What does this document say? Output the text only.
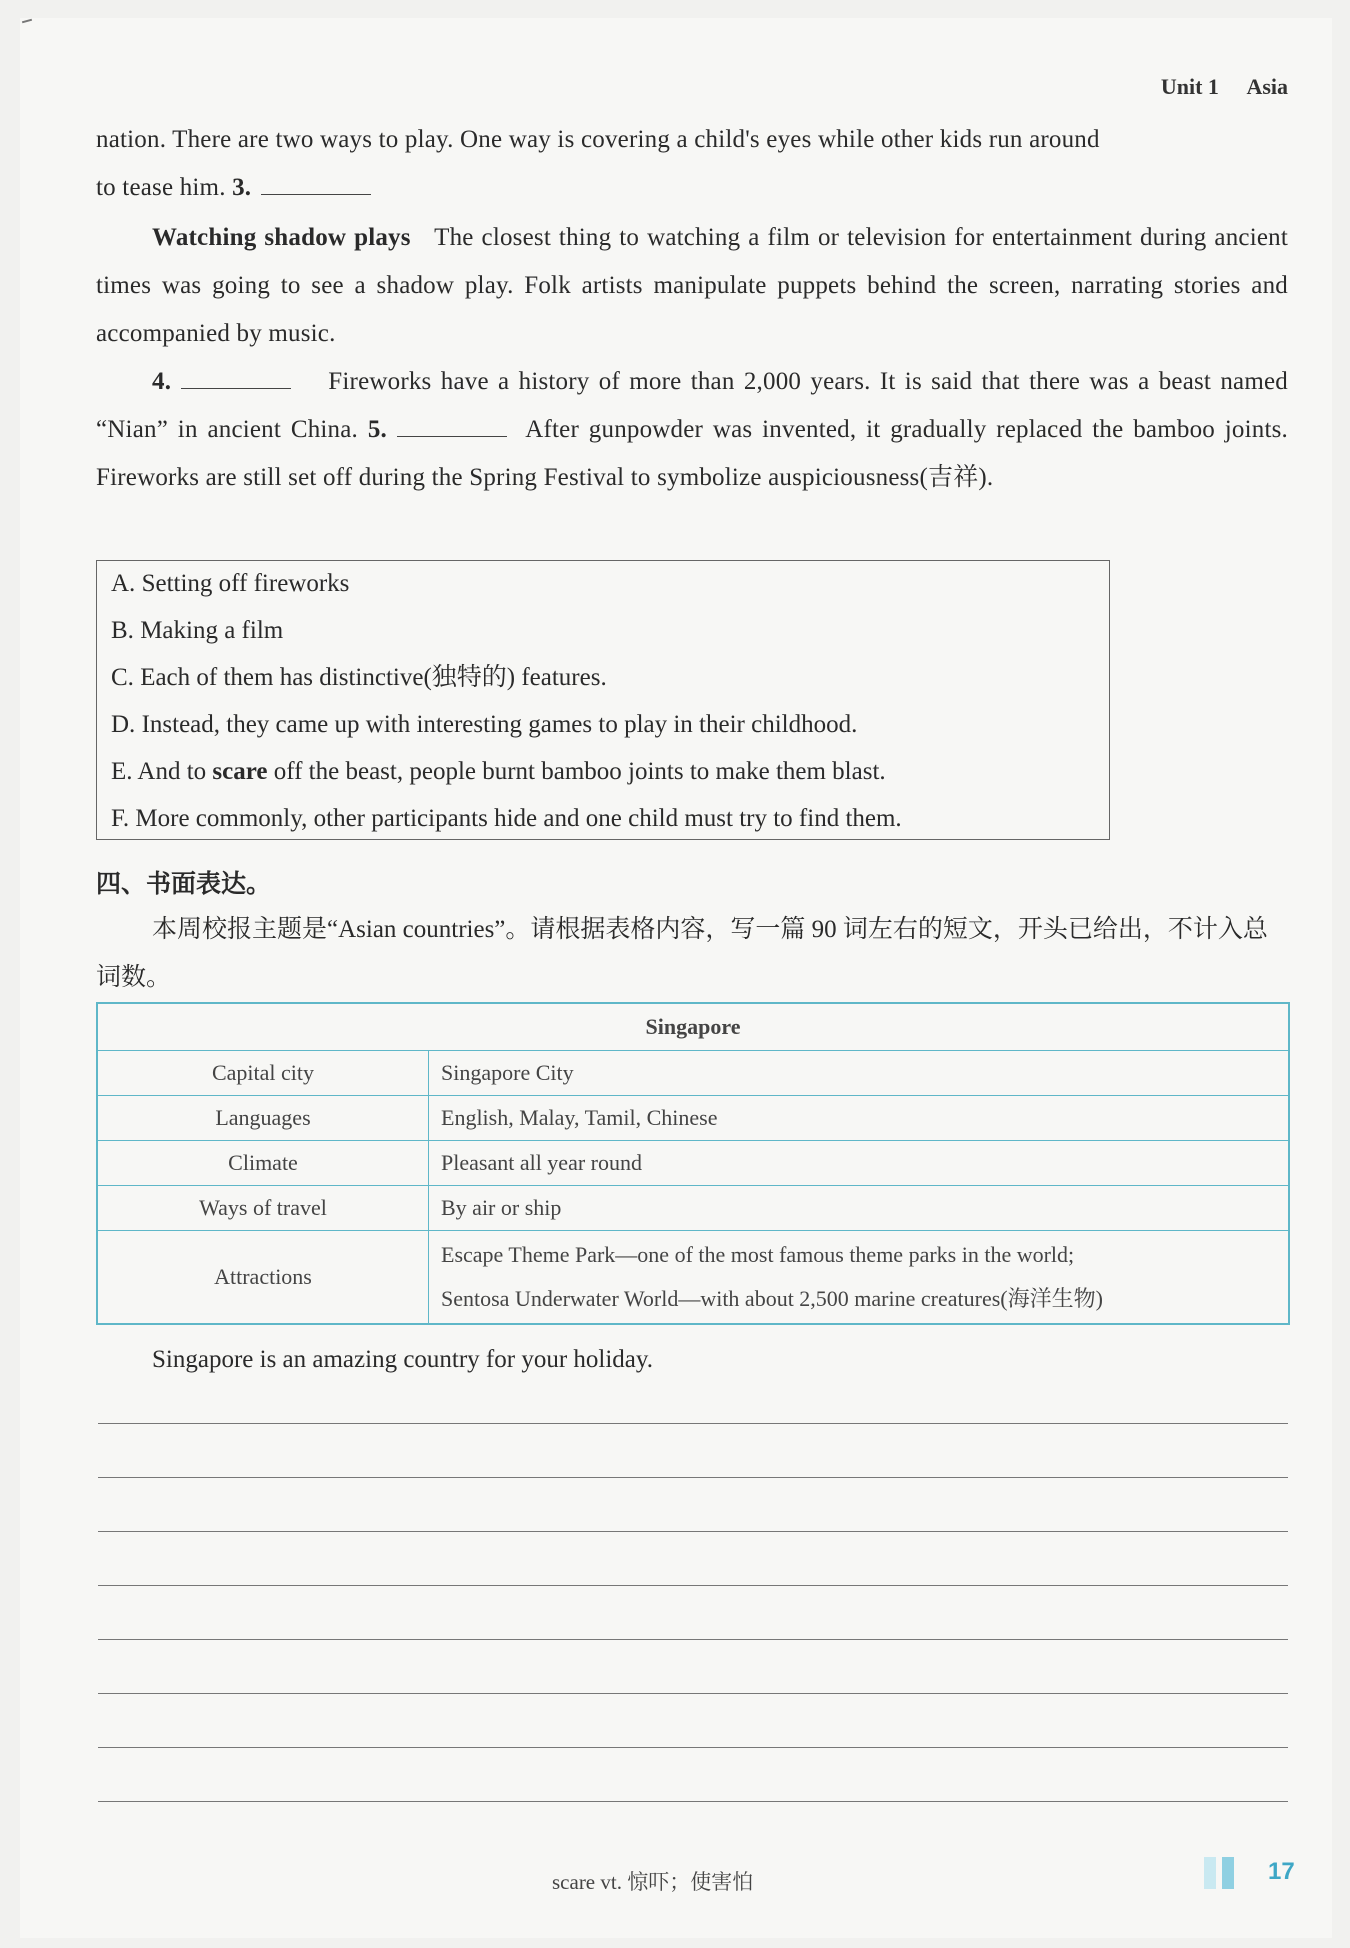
Unit 1 Asia
nation. There are two ways to play. One way is covering a child's eyes while other kids run around
to tease him. 3.
Watching shadow plays The closest thing to watching a film or television for entertainment during ancient times was going to see a shadow play. Folk artists manipulate puppets behind the screen, narrating stories and accompanied by music.
4.	Fireworks have a history of more than 2,000 years. It is said that there was a beast named “Nian” in ancient China. 5.	After gunpowder was invented, it gradually replaced the bamboo joints. Fireworks are still set off during the Spring Festival to symbolize auspiciousness(吉祥).
A. Setting off fireworks
B. Making a film
C. Each of them has distinctive(独特的) features.
D. Instead, they came up with interesting games to play in their childhood.
E. And to scare off the beast, people burnt bamboo joints to make them blast.
F. More commonly, other participants hide and one child must try to find them.
四、书面表达。
本周校报主题是“Asian countries”。请根据表格内容，写一篇 90 词左右的短文，开头已给出，不计入总词数。
Singapore	
Capital city	Singapore City
Languages	English, Malay, Tamil, Chinese
Climate	Pleasant all year round
Ways of travel	By air or ship
Attractions	Escape Theme Park—one of the most famous theme parks in the world;
Sentosa Underwater World—with about 2,500 marine creatures(海洋生物)
Singapore is an amazing country for your holiday.
scare vt. 惊吓；使害怕	17
